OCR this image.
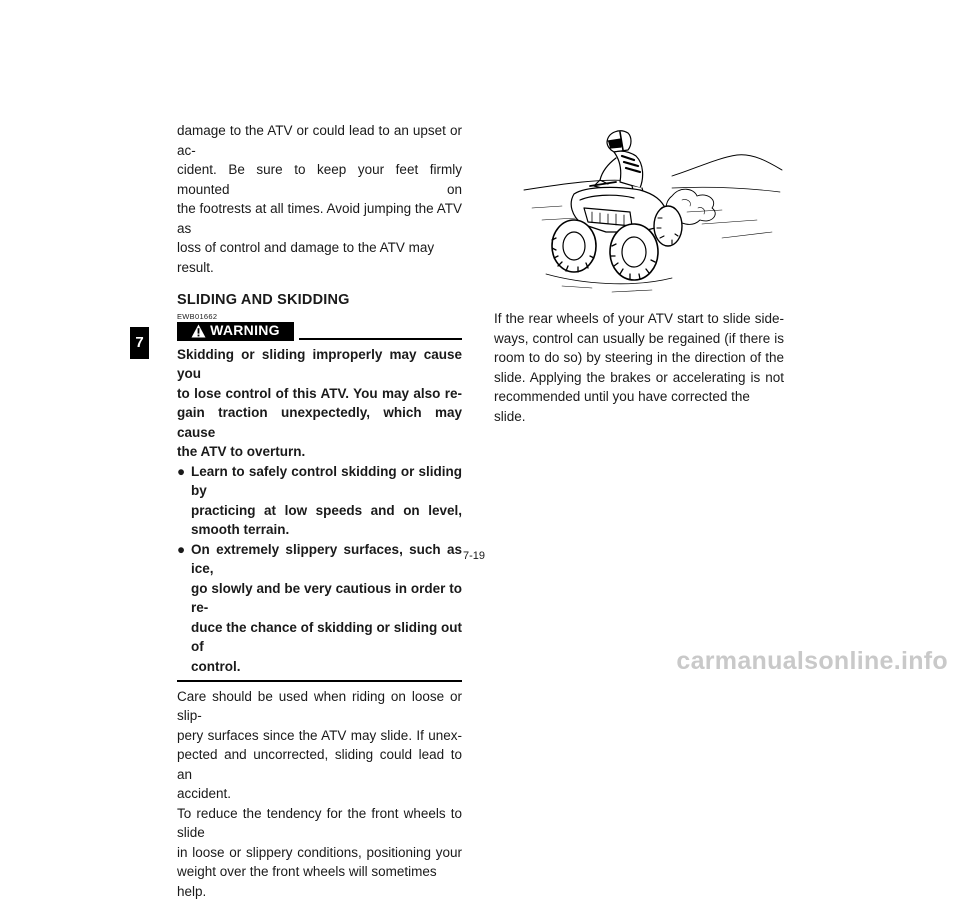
7

damage to the ATV or could lead to an upset or ac-

cident. Be sure to keep your feet firmly mounted on

the footrests at all times. Avoid jumping the ATV as

loss of control and damage to the ATV may result.

SLIDING AND SKIDDING
EWB01662
WARNING

Skidding or sliding improperly may cause you

to lose control of this ATV. You may also re-

gain traction unexpectedly, which may cause

the ATV to overturn.

● Learn to safely control skidding or sliding by

practicing at low speeds and on level,

smooth terrain.

● On extremely slippery surfaces, such as ice,

go slowly and be very cautious in order to re-

duce the chance of skidding or sliding out of

control.

Care should be used when riding on loose or slip-

pery surfaces since the ATV may slide. If unex-

pected and uncorrected, sliding could lead to an

accident.

To reduce the tendency for the front wheels to slide

in loose or slippery conditions, positioning your

weight over the front wheels will sometimes help.

If the rear wheels of your ATV start to slide side-

ways, control can usually be regained (if there is

room to do so) by steering in the direction of the

slide. Applying the brakes or accelerating is not

recommended until you have corrected the slide.

7-19
carmanualsonline.info
